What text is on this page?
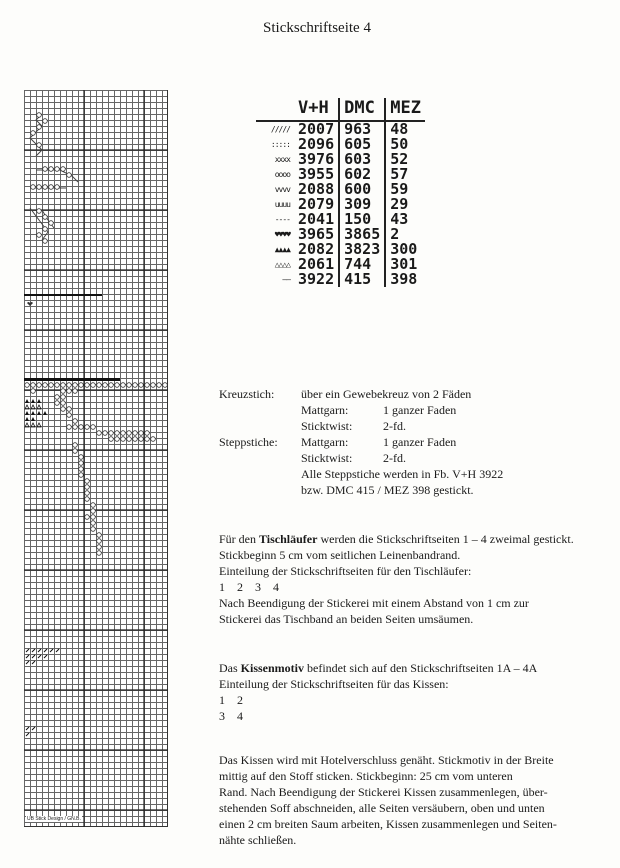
Stickschriftseite 4
UB Stick Design / GN.B.
	V+H	DMC	MEZ
/////	2007	963	48
:::::	2096	605	50
xxxx	3976	603	52
oooo	3955	602	57
vvvv	2088	600	59
uuuu	2079	309	29
----	2041	150	43
♥♥♥♥	3965	3865	2
▲▲▲▲	2082	3823	300
△△△△	2061	744	301
——	3922	415	398
Kreuzstich:	über ein Gewebekreuz von 2 Fäden
Mattgarn:	1 ganzer Faden
Sticktwist:	2-fd.
Steppstiche:	Mattgarn:	1 ganzer Faden
Sticktwist:	2-fd.
Alle Steppstiche werden in Fb. V+H 3922
bzw. DMC 415 / MEZ 398 gestickt.
Für den Tischläufer werden die Stickschriftseiten 1 – 4 zweimal gestickt.
Stickbeginn 5 cm vom seitlichen Leinenbandrand.
Einteilung der Stickschriftseiten für den Tischläufer:
1 2 3 4
Nach Beendigung der Stickerei mit einem Abstand von 1 cm zur
Stickerei das Tischband an beiden Seiten umsäumen.
Das Kissenmotiv befindet sich auf den Stickschriftseiten 1A – 4A
Einteilung der Stickschriftseiten für das Kissen:
1 2
3 4
Das Kissen wird mit Hotelverschluss genäht. Stickmotiv in der Breite
mittig auf den Stoff sticken. Stickbeginn: 25 cm vom unteren
Rand. Nach Beendigung der Stickerei Kissen zusammenlegen, über-
stehenden Soff abschneiden, alle Seiten versäubern, oben und unten
einen 2 cm breiten Saum arbeiten, Kissen zusammenlegen und Seiten-
nähte schließen.
